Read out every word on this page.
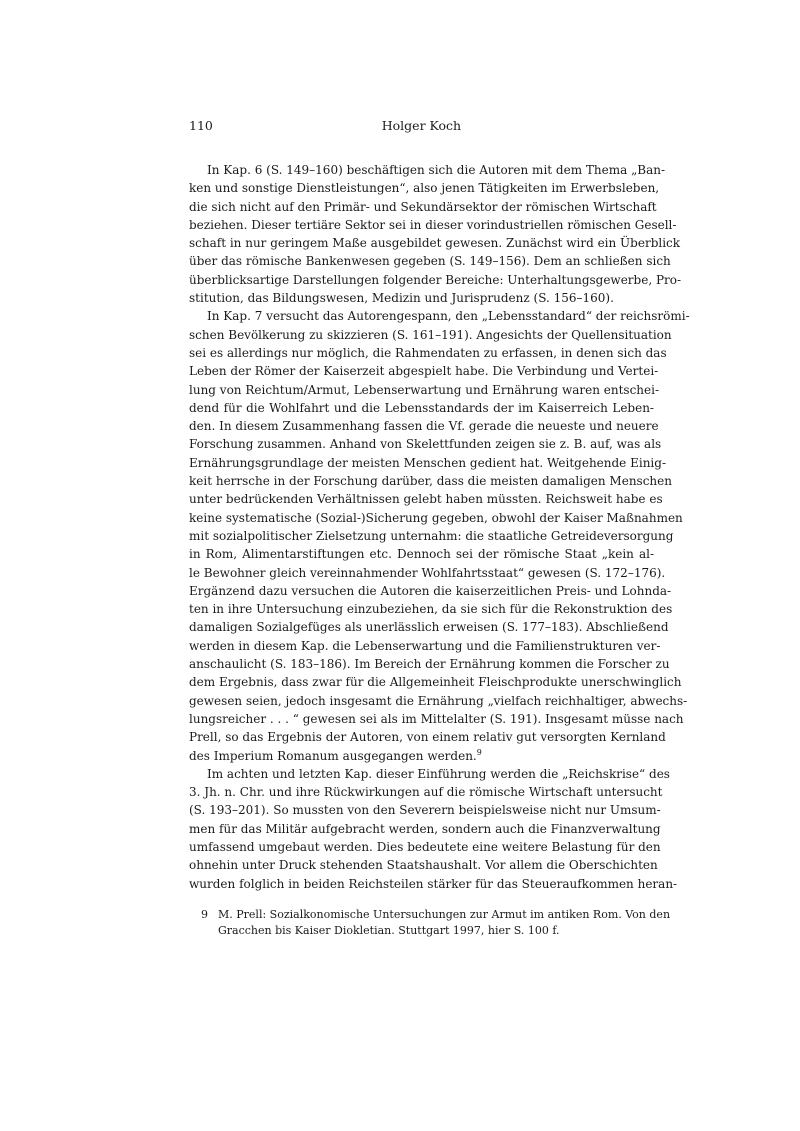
110	Holger Koch
In Kap. 6 (S. 149–160) beschäftigen sich die Autoren mit dem Thema „Ban-
ken und sonstige Dienstleistungen“, also jenen Tätigkeiten im Erwerbsleben,
die sich nicht auf den Primär- und Sekundärsektor der römischen Wirtschaft
beziehen. Dieser tertiäre Sektor sei in dieser vorindustriellen römischen Gesell-
schaft in nur geringem Maße ausgebildet gewesen. Zunächst wird ein Überblick
über das römische Bankenwesen gegeben (S. 149–156). Dem an schließen sich
überblicksartige Darstellungen folgender Bereiche: Unterhaltungsgewerbe, Pro-
stitution, das Bildungswesen, Medizin und Jurisprudenz (S. 156–160).
In Kap. 7 versucht das Autorengespann, den „Lebensstandard“ der reichsrömi-
schen Bevölkerung zu skizzieren (S. 161–191). Angesichts der Quellensituation
sei es allerdings nur möglich, die Rahmendaten zu erfassen, in denen sich das
Leben der Römer der Kaiserzeit abgespielt habe. Die Verbindung und Vertei-
lung von Reichtum/Armut, Lebenserwartung und Ernährung waren entschei-
dend für die Wohlfahrt und die Lebensstandards der im Kaiserreich Leben-
den. In diesem Zusammenhang fassen die Vf. gerade die neueste und neuere
Forschung zusammen. Anhand von Skelettfunden zeigen sie z. B. auf, was als
Ernährungsgrundlage der meisten Menschen gedient hat. Weitgehende Einig-
keit herrsche in der Forschung darüber, dass die meisten damaligen Menschen
unter bedrückenden Verhältnissen gelebt haben müssten. Reichsweit habe es
keine systematische (Sozial-)Sicherung gegeben, obwohl der Kaiser Maßnahmen
mit sozialpolitischer Zielsetzung unternahm: die staatliche Getreideversorgung
in Rom, Alimentarstiftungen etc. Dennoch sei der römische Staat „kein al-
le Bewohner gleich vereinnahmender Wohlfahrtsstaat“ gewesen (S. 172–176).
Ergänzend dazu versuchen die Autoren die kaiserzeitlichen Preis- und Lohnda-
ten in ihre Untersuchung einzubeziehen, da sie sich für die Rekonstruktion des
damaligen Sozialgefüges als unerlässlich erweisen (S. 177–183). Abschließend
werden in diesem Kap. die Lebenserwartung und die Familienstrukturen ver-
anschaulicht (S. 183–186). Im Bereich der Ernährung kommen die Forscher zu
dem Ergebnis, dass zwar für die Allgemeinheit Fleischprodukte unerschwinglich
gewesen seien, jedoch insgesamt die Ernährung „vielfach reichhaltiger, abwechs-
lungsreicher . . . “ gewesen sei als im Mittelalter (S. 191). Insgesamt müsse nach
Prell, so das Ergebnis der Autoren, von einem relativ gut versorgten Kernland
des Imperium Romanum ausgegangen werden.$^9$
Im achten und letzten Kap. dieser Einführung werden die „Reichskrise“ des
3. Jh. n. Chr. und ihre Rückwirkungen auf die römische Wirtschaft untersucht
(S. 193–201). So mussten von den Severern beispielsweise nicht nur Umsum-
men für das Militär aufgebracht werden, sondern auch die Finanzverwaltung
umfassend umgebaut werden. Dies bedeutete eine weitere Belastung für den
ohnehin unter Druck stehenden Staatshaushalt. Vor allem die Oberschichten
wurden folglich in beiden Reichsteilen stärker für das Steueraufkommen heran-
9 M. Prell: Sozialkonomische Untersuchungen zur Armut im antiken Rom. Von den
Gracchen bis Kaiser Diokletian. Stuttgart 1997, hier S. 100 f.
